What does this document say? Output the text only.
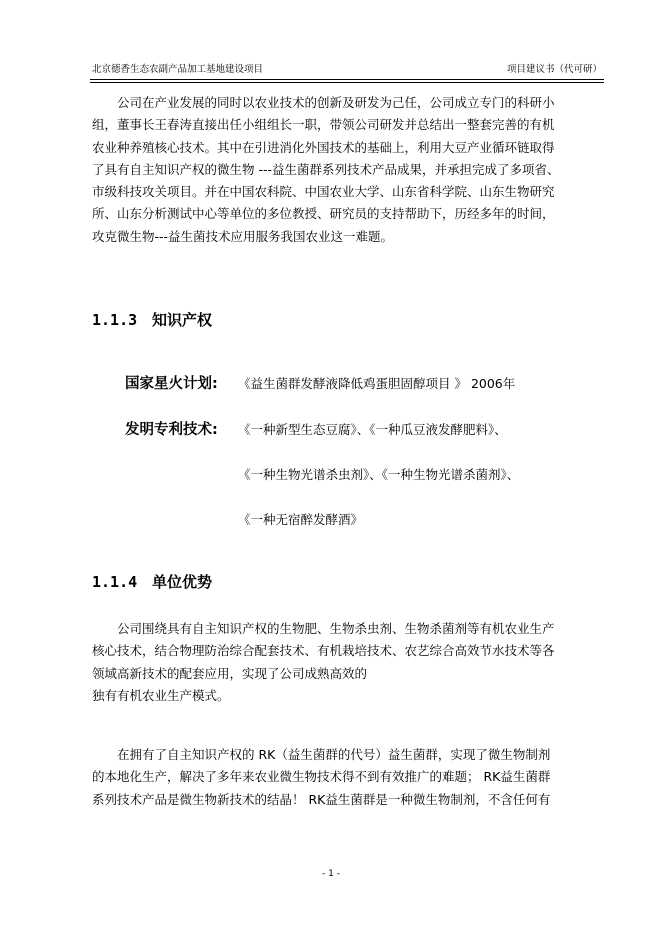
北京德香生态农副产品加工基地建设项目	项目建议书（代可研）
公司在产业发展的同时以农业技术的创新及研发为己任，公司成立专门的科研小
组，董事长王春涛直接出任小组组长一职，带领公司研发并总结出一整套完善的有机
农业种养殖核心技术。其中在引进消化外国技术的基础上，利用大豆产业循环链取得
了具有自主知识产权的微生物 ---益生菌群系列技术产品成果，并承担完成了多项省、
市级科技攻关项目。并在中国农科院、中国农业大学、山东省科学院、山东生物研究
所、山东分析测试中心等单位的多位教授、研究员的支持帮助下，历经多年的时间，
攻克微生物---益生菌技术应用服务我国农业这一难题。
1.1.3 知识产权
国家星火计划: 《益生菌群发酵液降低鸡蛋胆固醇项目 》 2006年
发明专利技术: 《一种新型生态豆腐》、《一种瓜豆液发酵肥料》、
《一种生物光谱杀虫剂》、《一种生物光谱杀菌剂》、
《一种无宿醉发酵酒》
1.1.4 单位优势
公司围绕具有自主知识产权的生物肥、生物杀虫剂、生物杀菌剂等有机农业生产
核心技术，结合物理防治综合配套技术、有机栽培技术、农艺综合高效节水技术等各
领域高新技术的配套应用，实现了公司成熟高效的
独有有机农业生产模式。
在拥有了自主知识产权的 RK（益生菌群的代号）益生菌群，实现了微生物制剂
的本地化生产，解决了多年来农业微生物技术得不到有效推广的难题； RK益生菌群
系列技术产品是微生物新技术的结晶！ RK益生菌群是一种微生物制剂，不含任何有
- 1 -
